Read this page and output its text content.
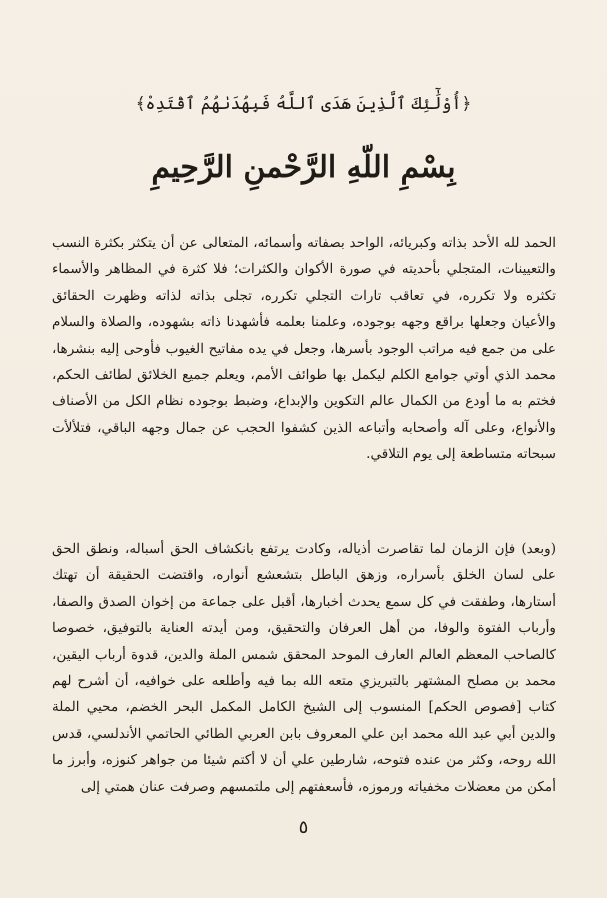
﴿أُوْلَٰٓئِكَ ٱلَّذِينَ هَدَى ٱللَّهُ فَبِهُدَىٰهُمُ ٱقْتَدِهْ﴾
بِسْمِ اللّهِ الرَّحْمنِ الرَّحِيمِ

الحمد لله الأحد بذاته وكبريائه، الواحد بصفاته وأسمائه، المتعالى عن أن يتكثر بكثرة النسب والتعيينات، المتجلي بأحديته في صورة الأكوان والكثرات؛ فلا كثرة في المظاهر والأسماء تكثره ولا تكرره، في تعاقب تارات التجلي تكرره، تجلى بذاته لذاته وظهرت الحقائق والأعيان وجعلها براقع وجهه بوجوده، وعلمنا بعلمه فأشهدنا ذاته بشهوده، والصلاة والسلام على من جمع فيه مراتب الوجود بأسرها، وجعل في يده مفاتيح الغيوب فأوحى إليه بنشرها، محمد الذي أوتي جوامع الكلم ليكمل بها طوائف الأمم، ويعلم جميع الخلائق لطائف الحكم، فختم به ما أودع من الكمال عالم التكوين والإبداع، وضبط بوجوده نظام الكل من الأصناف والأنواع، وعلى آله وأصحابه وأتباعه الذين كشفوا الحجب عن جمال وجهه الباقي، فتلألأت سبحاته متساطعة إلى يوم التلاقي.

(وبعد) فإن الزمان لما تقاصرت أذياله، وكادت يرتفع بانكشاف الحق أسباله، ونطق الحق على لسان الخلق بأسراره، وزهق الباطل بتشعشع أنواره، واقتضت الحقيقة أن تهتك أستارها، وطفقت في كل سمع يحدث أخبارها، أقبل على جماعة من إخوان الصدق والصفا، وأرباب الفتوة والوفا، من أهل العرفان والتحقيق، ومن أيدته العناية بالتوفيق، خصوصا كالصاحب المعظم العالم العارف الموحد المحقق شمس الملة والدين، قدوة أرباب اليقين، محمد بن مصلح المشتهر بالتبريزي متعه الله بما فيه وأطلعه على خوافيه، أن أشرح لهم كتاب [فصوص الحكم] المنسوب إلى الشيخ الكامل المكمل البحر الخضم، محيي الملة والدين أبي عبد الله محمد ابن علي المعروف بابن العربي الطائي الحاتمي الأندلسي، قدس الله روحه، وكثر من عنده فتوحه، شارطين علي أن لا أكتم شيئا من جواهر كنوزه، وأبرز ما أمكن من معضلات مخفياته ورموزه، فأسعفتهم إلى ملتمسهم وصرفت عنان همتي إلى

٥
